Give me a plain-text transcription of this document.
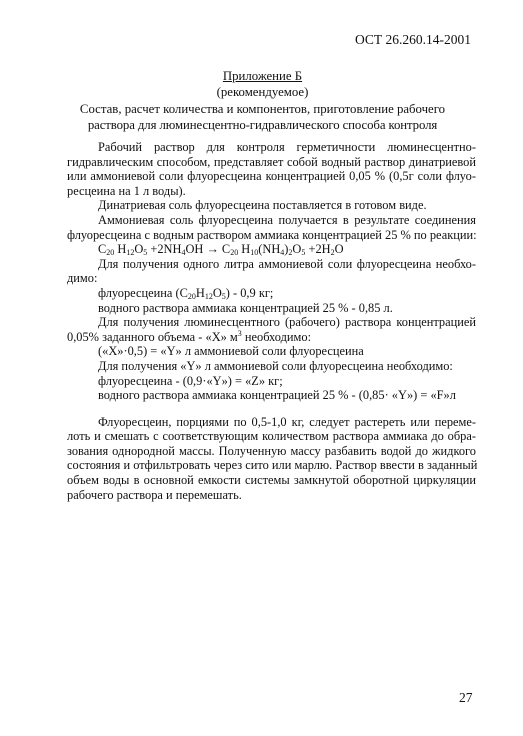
ОСТ 26.260.14-2001
Приложение Б
(рекомендуемое)
Состав, расчет количества и компонентов, приготовление рабочего
раствора для люминесцентно-гидравлического способа контроля
Рабочий раствор для контроля герметичности люминесцентно-
гидравлическим способом, представляет собой водный раствор динатриевой
или аммониевой соли флуоресцеина концентрацией 0,05 % (0,5г соли флуо-
ресцеина на 1 л воды).
Динатриевая соль флуоресцеина поставляется в готовом виде.
Аммониевая соль флуоресцеина получается в результате соединения
флуоресцеина с водным раствором аммиака концентрацией 25 % по реакции:
$C_{20}$ $H_{12}O_5 +2NH_4OH \to C_{20}$ $H_{10}(NH_4)_2O_5 +2H_2O$
Для получения одного литра аммониевой соли флуоресцеина необхо-
димо:
флуоресцеина $(C_{20}H_{12}O_5) - 0,9$ кг;
водного раствора аммиака концентрацией 25 % - 0,85 л.
Для получения люминесцентного (рабочего) раствора концентрацией
0,05% заданного объема - «X» $м^3$ необходимо:
(«X»·0,5) = «Y» л аммониевой соли флуоресцеина
Для получения «Y» л аммониевой соли флуоресцеина необходимо:
флуоресцеина - (0,9·«Y») = «Z» кг;
водного раствора аммиака концентрацией 25 % - (0,85· «Y») = «F»л
Флуоресцеин, порциями по 0,5-1,0 кг, следует растереть или переме-
лоть и смешать с соответствующим количеством раствора аммиака до обра-
зования однородной массы. Полученную массу разбавить водой до жидкого
состояния и отфильтровать через сито или марлю. Раствор ввести в заданный
объем воды в основной емкости системы замкнутой оборотной циркуляции
рабочего раствора и перемешать.
27
